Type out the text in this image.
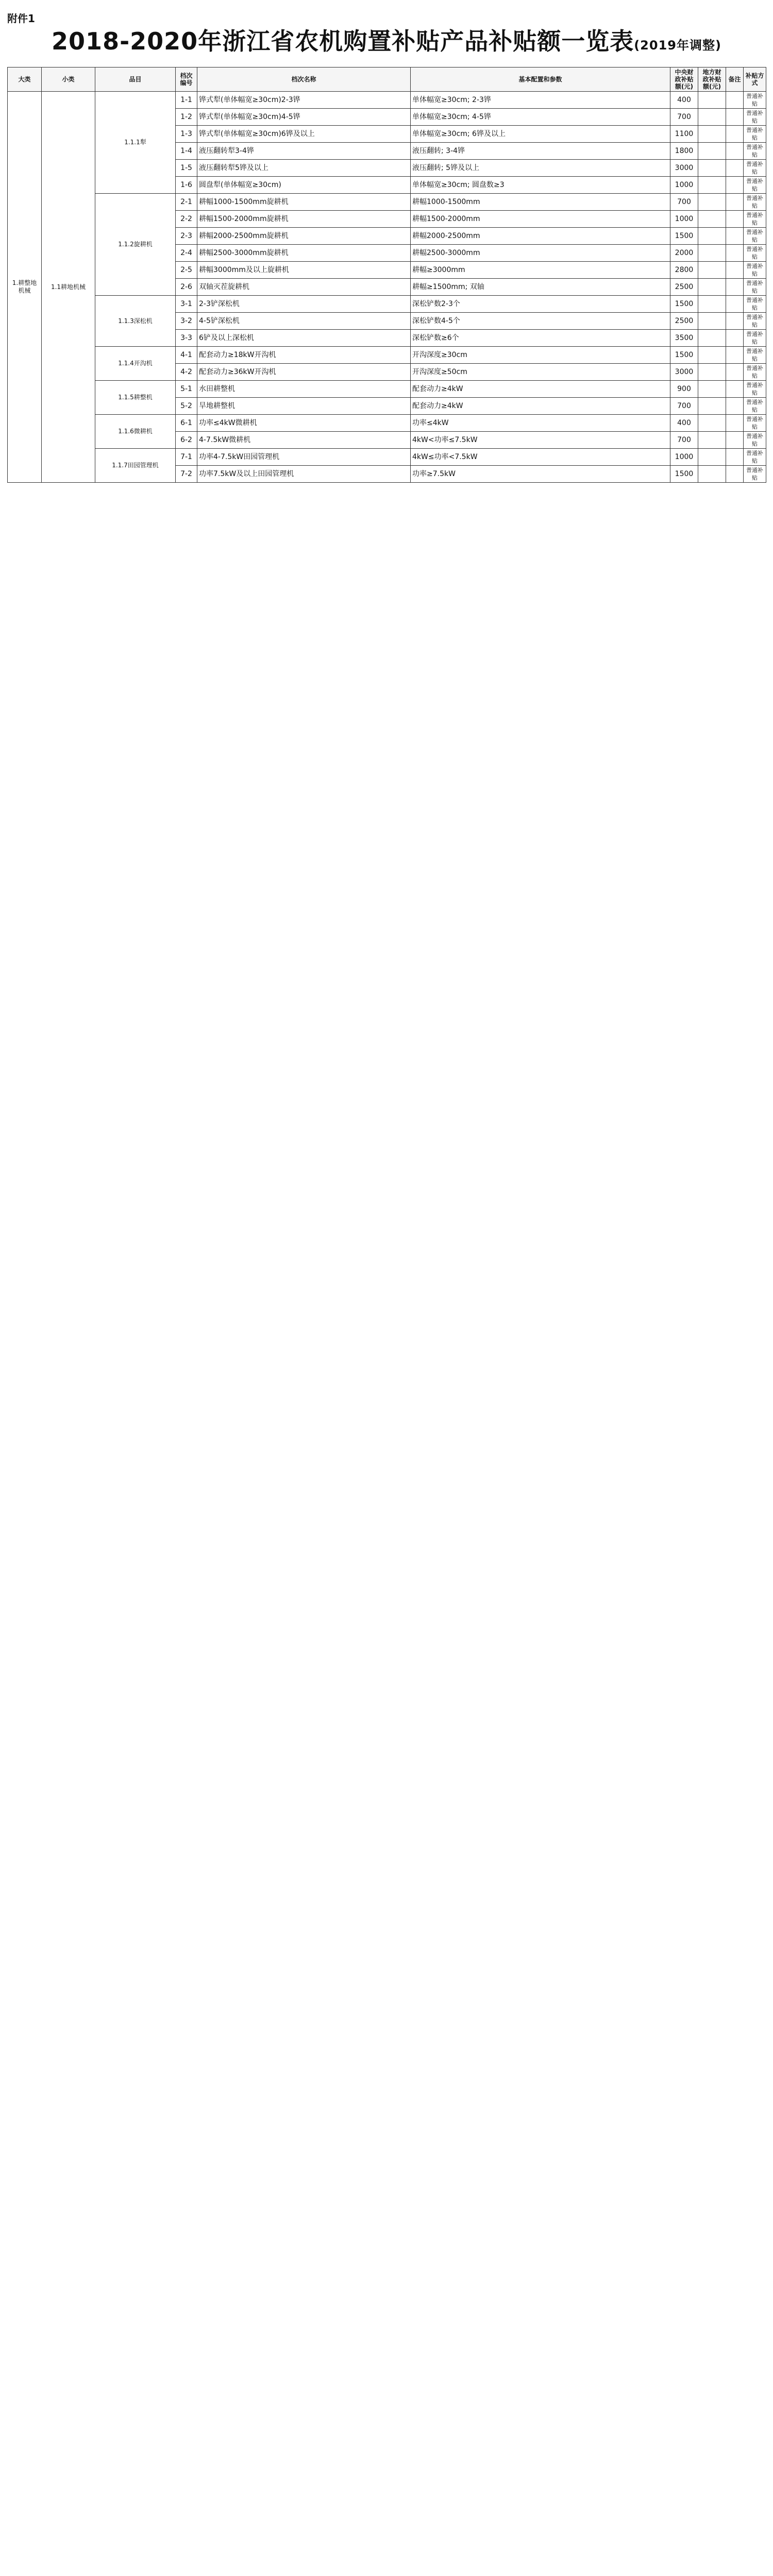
附件1
2018-2020年浙江省农机购置补贴产品补贴额一览表(2019年调整)
大类	小类	品目	档次编号	档次名称	基本配置和参数	中央财政补贴额(元)	地方财政补贴额(元)	备注	补贴方式
1.耕整地机械	1.1耕地机械	1.1.1犁	1-1	铧式犁(单体幅宽≥30cm)2-3铧	单体幅宽≥30cm; 2-3铧	400			普通补贴
			1-2	铧式犁(单体幅宽≥30cm)4-5铧	单体幅宽≥30cm; 4-5铧	700			普通补贴
			1-3	铧式犁(单体幅宽≥30cm)6铧及以上	单体幅宽≥30cm; 6铧及以上	1100			普通补贴
			1-4	液压翻转犁3-4铧	液压翻转; 3-4铧	1800			普通补贴
			1-5	液压翻转犁5铧及以上	液压翻转; 5铧及以上	3000			普通补贴
			1-6	圆盘犁(单体幅宽≥30cm)	单体幅宽≥30cm; 圆盘数≥3	1000			普通补贴
		1.1.2旋耕机	2-1	耕幅1000-1500mm旋耕机	耕幅1000-1500mm	700			普通补贴
			2-2	耕幅1500-2000mm旋耕机	耕幅1500-2000mm	1000			普通补贴
			2-3	耕幅2000-2500mm旋耕机	耕幅2000-2500mm	1500			普通补贴
			2-4	耕幅2500-3000mm旋耕机	耕幅2500-3000mm	2000			普通补贴
			2-5	耕幅3000mm及以上旋耕机	耕幅≥3000mm	2800			普通补贴
			2-6	双轴灭茬旋耕机	耕幅≥1500mm; 双轴	2500			普通补贴
		1.1.3深松机	3-1	2-3铲深松机	深松铲数2-3个	1500			普通补贴
			3-2	4-5铲深松机	深松铲数4-5个	2500			普通补贴
			3-3	6铲及以上深松机	深松铲数≥6个	3500			普通补贴
		1.1.4开沟机	4-1	配套动力≥18kW开沟机	开沟深度≥30cm	1500			普通补贴
			4-2	配套动力≥36kW开沟机	开沟深度≥50cm	3000			普通补贴
		1.1.5耕整机	5-1	水田耕整机	配套动力≥4kW	900			普通补贴
			5-2	旱地耕整机	配套动力≥4kW	700			普通补贴
		1.1.6微耕机	6-1	功率≤4kW微耕机	功率≤4kW	400			普通补贴
			6-2	4-7.5kW微耕机	4kW<功率≤7.5kW	700			普通补贴
		1.1.7田园管理机	7-1	功率4-7.5kW田园管理机	4kW≤功率<7.5kW	1000			普通补贴
			7-2	功率7.5kW及以上田园管理机	功率≥7.5kW	1500			普通补贴
